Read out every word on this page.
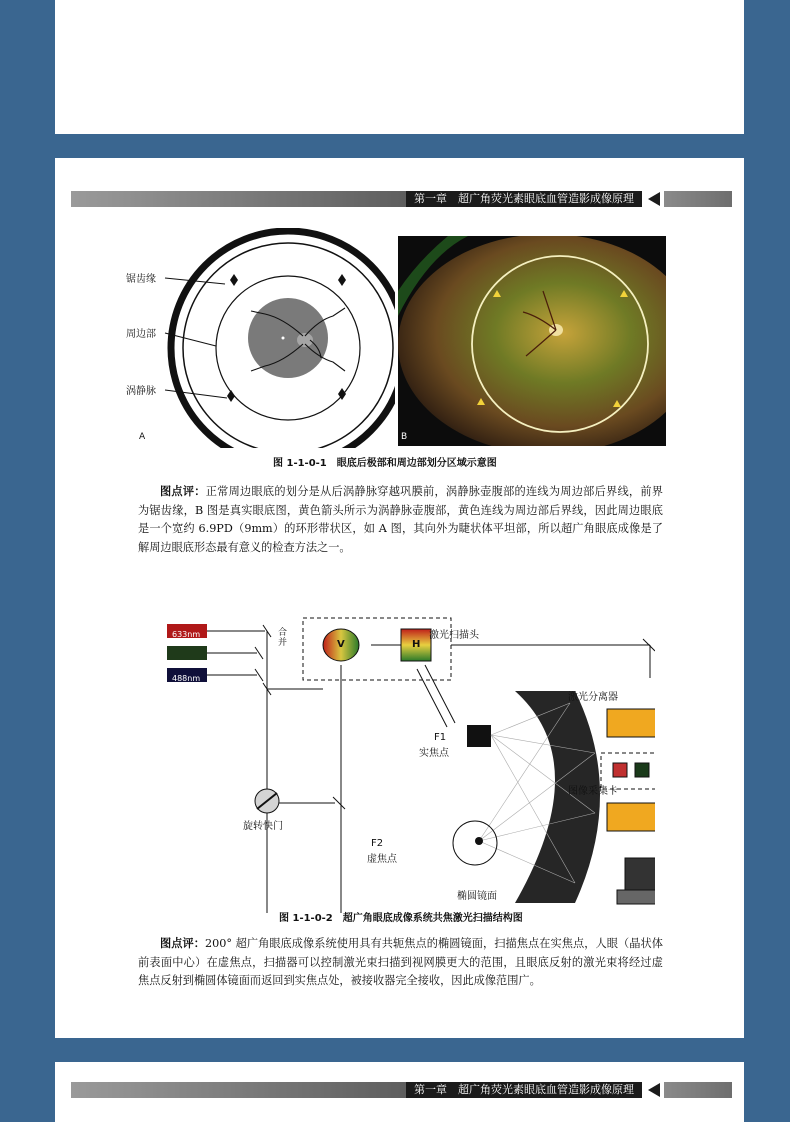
第一章　超广角荧光素眼底血管造影成像原理
锯齿缘
周边部
涡静脉
A	B
图 1-1-0-1　眼底后极部和周边部划分区域示意图
图点评：正常周边眼底的划分是从后涡静脉穿越巩膜前，涡静脉壶腹部的连线为周边部后界线，前界为锯齿缘，B 图是真实眼底图，黄色箭头所示为涡静脉壶腹部，黄色连线为周边部后界线，因此周边眼底是一个宽约 6.9PD（9mm）的环形带状区，如 A 图，其向外为睫状体平坦部，所以超广角眼底成像是了解周边眼底形态最有意义的检查方法之一。
633nm
488nm
合并	V	H
激光扫描头
激光分离器
图像采集卡
F1
实焦点
F2
虚焦点
旋转快门
椭圆镜面
图 1-1-0-2　超广角眼底成像系统共焦激光扫描结构图
图点评：200° 超广角眼底成像系统使用具有共轭焦点的椭圆镜面，扫描焦点在实焦点，人眼（晶状体前表面中心）在虚焦点，扫描器可以控制激光束扫描到视网膜更大的范围，且眼底反射的激光束将经过虚焦点反射到椭圆体镜面而返回到实焦点处，被接收器完全接收，因此成像范围广。
第一章　超广角荧光素眼底血管造影成像原理
